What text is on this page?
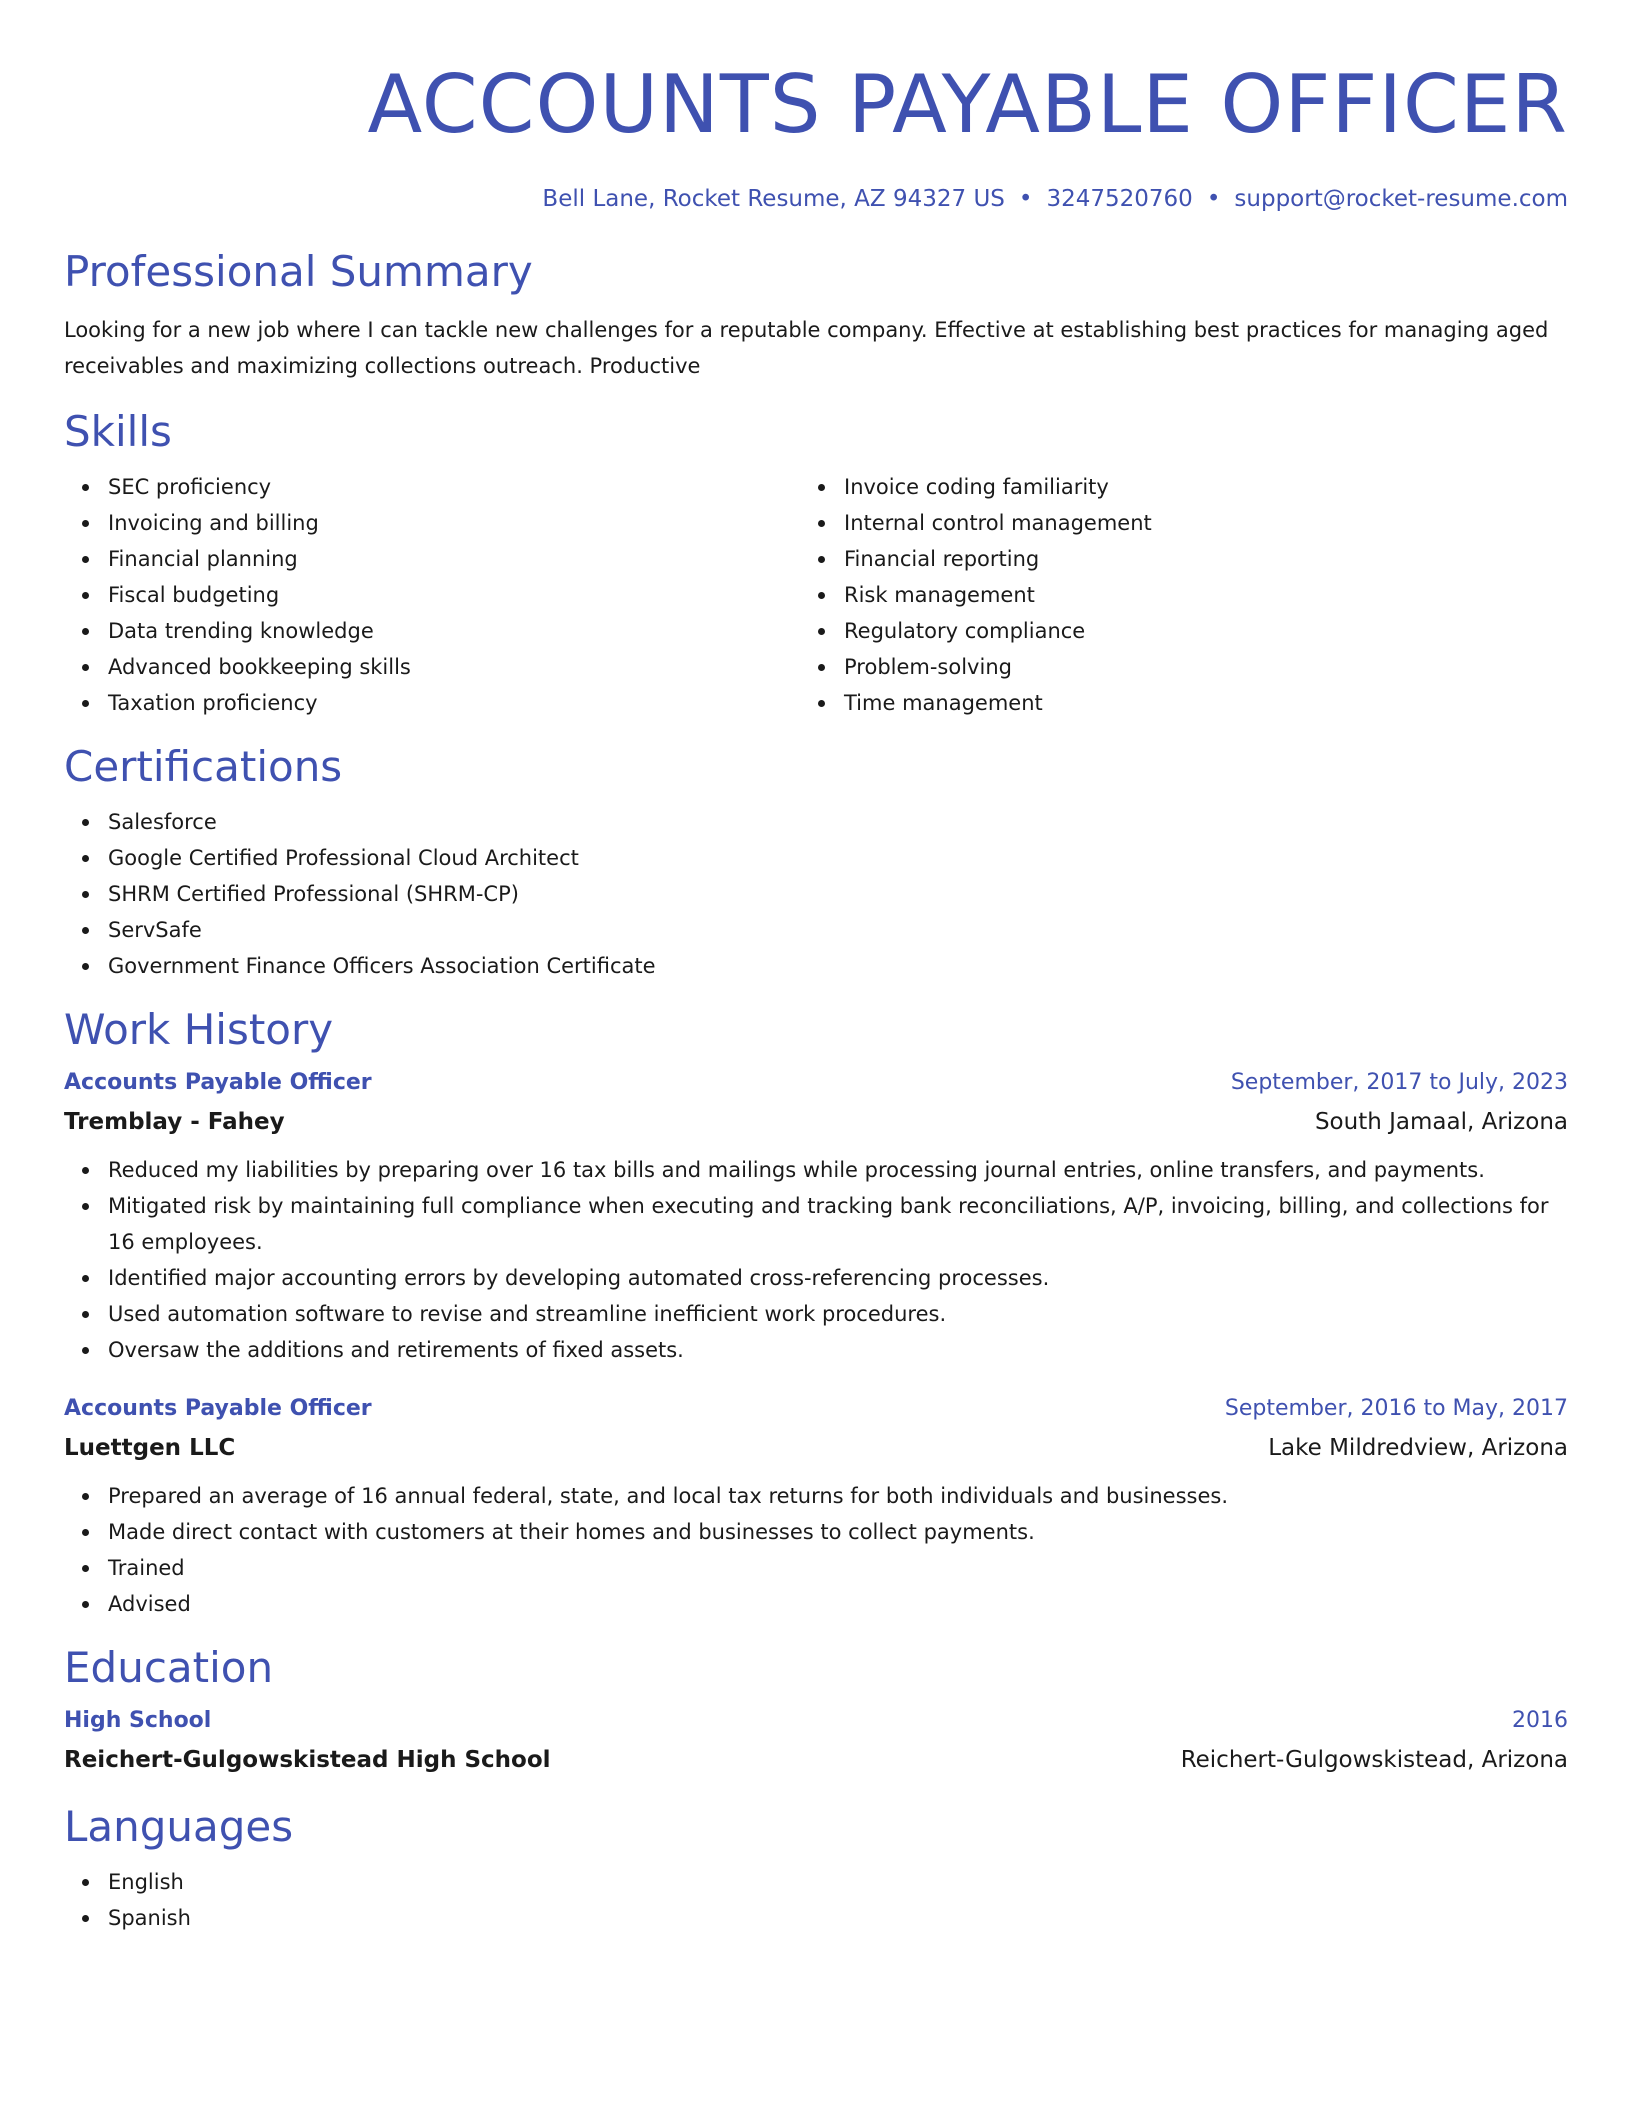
ACCOUNTS PAYABLE OFFICER
Bell Lane, Rocket Resume, AZ 94327 US • 3247520760 • support@rocket-resume.com
Professional Summary

Looking for a new job where I can tackle new challenges for a reputable company. Effective at establishing best practices for managing aged receivables and maximizing collections outreach. Productive

Skills
SEC proficiency
Invoicing and billing
Financial planning
Fiscal budgeting
Data trending knowledge
Advanced bookkeeping skills
Taxation proficiency
Invoice coding familiarity
Internal control management
Financial reporting
Risk management
Regulatory compliance
Problem-solving
Time management
Certifications
Salesforce
Google Certified Professional Cloud Architect
SHRM Certified Professional (SHRM-CP)
ServSafe
Government Finance Officers Association Certificate
Work History
Accounts Payable Officer	September, 2017 to July, 2023
Tremblay - Fahey	South Jamaal, Arizona
Reduced my liabilities by preparing over 16 tax bills and mailings while processing journal entries, online transfers, and payments.
Mitigated risk by maintaining full compliance when executing and tracking bank reconciliations, A/P, invoicing, billing, and collections for 16 employees.
Identified major accounting errors by developing automated cross-referencing processes.
Used automation software to revise and streamline inefficient work procedures.
Oversaw the additions and retirements of fixed assets.
Accounts Payable Officer	September, 2016 to May, 2017
Luettgen LLC	Lake Mildredview, Arizona
Prepared an average of 16 annual federal, state, and local tax returns for both individuals and businesses.
Made direct contact with customers at their homes and businesses to collect payments.
Trained
Advised
Education
High School	2016
Reichert-Gulgowskistead High School	Reichert-Gulgowskistead, Arizona
Languages
English
Spanish
